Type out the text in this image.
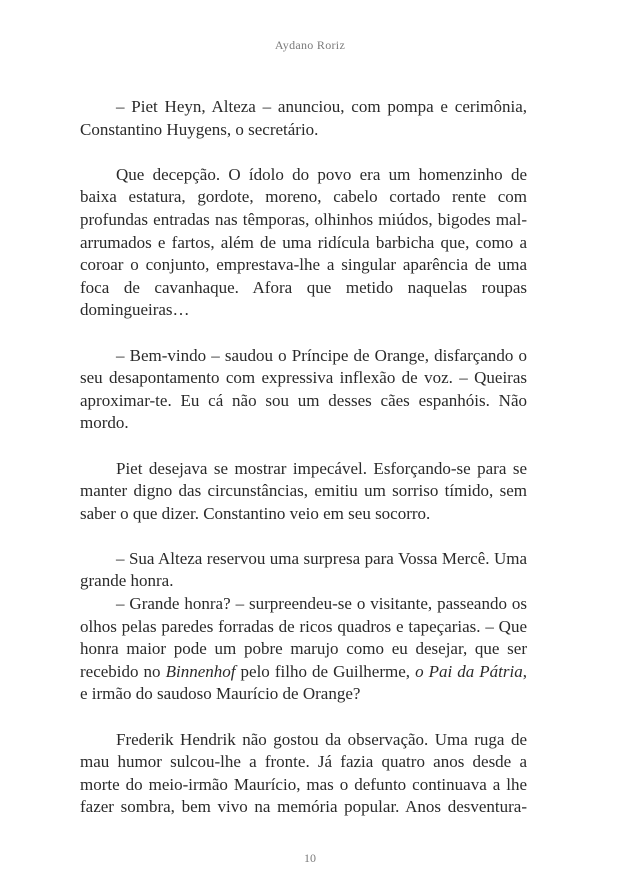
Aydano Roriz

– Piet Heyn, Alteza – anunciou, com pompa e cerimônia, Constantino Huygens, o secretário.

Que decepção. O ídolo do povo era um homenzinho de baixa estatura, gordote, moreno, cabelo cortado rente com profundas entradas nas têmporas, olhinhos miúdos, bigodes mal-arrumados e fartos, além de uma ridícula barbicha que, como a coroar o conjunto, emprestava-lhe a singular aparência de uma foca de cavanhaque. Afora que metido naquelas roupas domingueiras…

– Bem-vindo – saudou o Príncipe de Orange, disfarçando o seu desapontamento com expressiva inflexão de voz. – Queiras aproximar-te. Eu cá não sou um desses cães espanhóis. Não mordo.

Piet desejava se mostrar impecável. Esforçando-se para se manter digno das circunstâncias, emitiu um sorriso tímido, sem saber o que dizer. Constantino veio em seu socorro.

– Sua Alteza reservou uma surpresa para Vossa Mercê. Uma grande honra.

– Grande honra? – surpreendeu-se o visitante, passeando os olhos pelas paredes forradas de ricos quadros e tapeçarias. – Que honra maior pode um pobre marujo como eu desejar, que ser recebido no Binnenhof pelo filho de Guilherme, o Pai da Pátria, e irmão do saudoso Maurício de Orange?

Frederik Hendrik não gostou da observação. Uma ruga de mau humor sulcou-lhe a fronte. Já fazia quatro anos desde a morte do meio-irmão Maurício, mas o defunto continuava a lhe fazer sombra, bem vivo na memória popular. Anos desventura-

10
